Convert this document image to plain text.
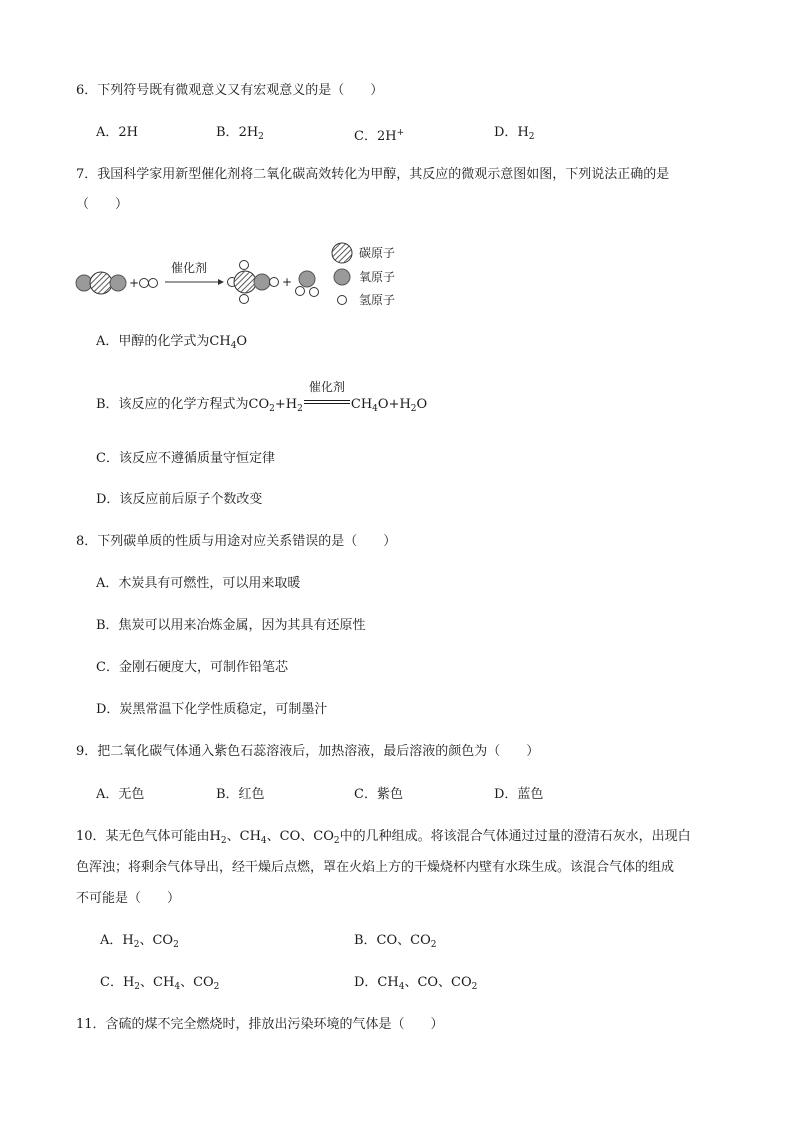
6．下列符号既有微观意义又有宏观意义的是（　　）
A．2H	B．$2H_2$	C．2H+	D．$H_2$
7．我国科学家用新型催化剂将二氧化碳高效转化为甲醇，其反应的微观示意图如图，下列说法正确的是
（　　）
+
催化剂
+
碳原子
氧原子
氢原子
A．甲醇的化学式为$CH_4O$
B．该反应的化学方程式为$CO_2+H_2$
催化剂
$CH_4O+H_2O$
C．该反应不遵循质量守恒定律
D．该反应前后原子个数改变
8．下列碳单质的性质与用途对应关系错误的是（　　）
A．木炭具有可燃性，可以用来取暖
B．焦炭可以用来冶炼金属，因为其具有还原性
C．金刚石硬度大，可制作铅笔芯
D．炭黑常温下化学性质稳定，可制墨汁
9．把二氧化碳气体通入紫色石蕊溶液后，加热溶液，最后溶液的颜色为（　　）
A．无色	B．红色	C．紫色	D．蓝色
10．某无色气体可能由$H_2$、$CH_4$、CO、$CO_2$中的几种组成。将该混合气体通过过量的澄清石灰水，出现白
色浑浊；将剩余气体导出，经干燥后点燃，罩在火焰上方的干燥烧杯内壁有水珠生成。该混合气体的组成
不可能是（　　）
A．$H_2$、$CO_2$	B．CO、$CO_2$
C．$H_2$、$CH_4$、$CO_2$	D．$CH_4$、CO、$CO_2$
11．含硫的煤不完全燃烧时，排放出污染环境的气体是（　　）
